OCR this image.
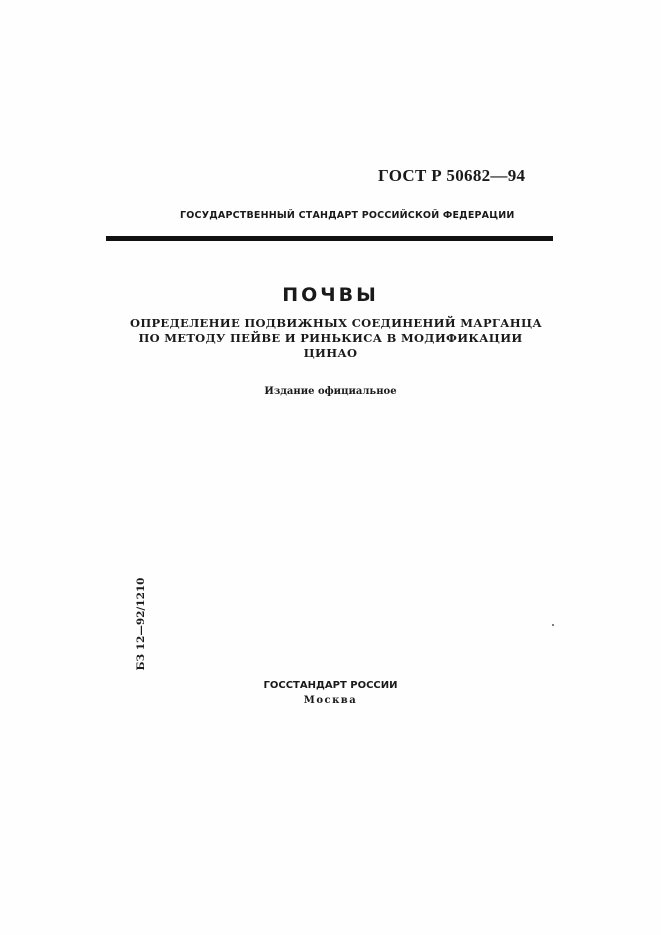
ГОСТ Р 50682—94
ГОСУДАРСТВЕННЫЙ СТАНДАРТ РОССИЙСКОЙ ФЕДЕРАЦИИ
ПОЧВЫ
ОПРЕДЕЛЕНИЕ ПОДВИЖНЫХ СОЕДИНЕНИЙ МАРГАНЦА
ПО МЕТОДУ ПЕЙВЕ И РИНЬКИСА В МОДИФИКАЦИИ
ЦИНАО
Издание официальное
БЗ 12—92/1210
ГОССТАНДАРТ РОССИИ
Москва
